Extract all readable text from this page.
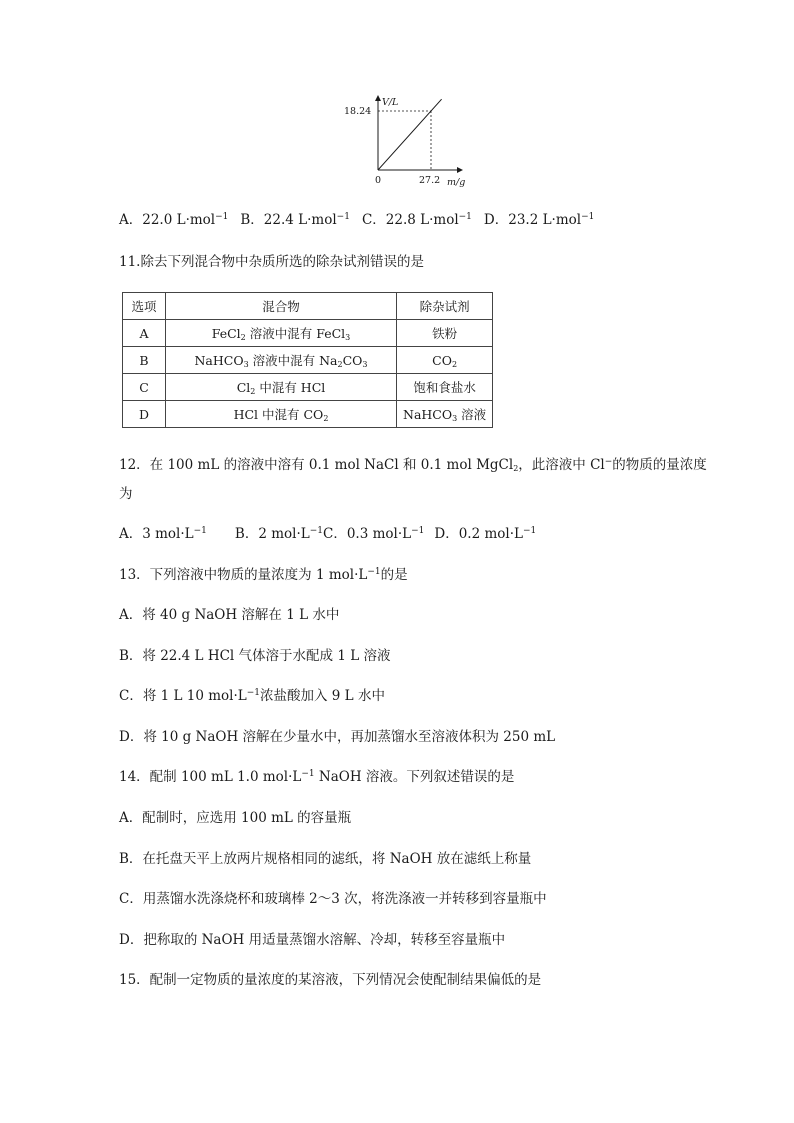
V/L
m/g
0
18.24
27.2
A．22.0 L·mol$^{-1}$ B．22.4 L·mol$^{-1}$ C．22.8 L·mol$^{-1}$ D．23.2 L·mol$^{-1}$
11.除去下列混合物中杂质所选的除杂试剂错误的是
选项	混合物	除杂试剂
A	FeCl$_2$ 溶液中混有 FeCl$_3$	铁粉
B	NaHCO$_3$ 溶液中混有 $Na_2CO_3$	$CO_2$
C	$Cl_2$ 中混有 HCl	饱和食盐水
D	HCl 中混有 $CO_2$	NaHCO$_3$ 溶液
12．在 100 mL 的溶液中溶有 0.1 mol NaCl 和 0.1 mol MgCl$_2$，此溶液中 Cl−的物质的量浓度
为
A．3 $mol\cdot L^{-1}$ B．2 $mol\cdot L^{-1}C$．0.3 $mol\cdot L^{-1}$ D．0.2 $mol\cdot L^{-1}$
13．下列溶液中物质的量浓度为 1 $mol\cdot L^{-1}$的是
A．将 40 g NaOH 溶解在 1 L 水中
B．将 22.4 L HCl 气体溶于水配成 1 L 溶液
C．将 1 L 10 $mol\cdot L^{-1}$浓盐酸加入 9 L 水中
D．将 10 g NaOH 溶解在少量水中，再加蒸馏水至溶液体积为 250 mL
14．配制 100 mL 1.0 $mol\cdot L^{-1}$ NaOH 溶液。下列叙述错误的是
A．配制时，应选用 100 mL 的容量瓶
B．在托盘天平上放两片规格相同的滤纸，将 NaOH 放在滤纸上称量
C．用蒸馏水洗涤烧杯和玻璃棒 2～3 次，将洗涤液一并转移到容量瓶中
D．把称取的 NaOH 用适量蒸馏水溶解、冷却，转移至容量瓶中
15．配制一定物质的量浓度的某溶液，下列情况会使配制结果偏低的是
